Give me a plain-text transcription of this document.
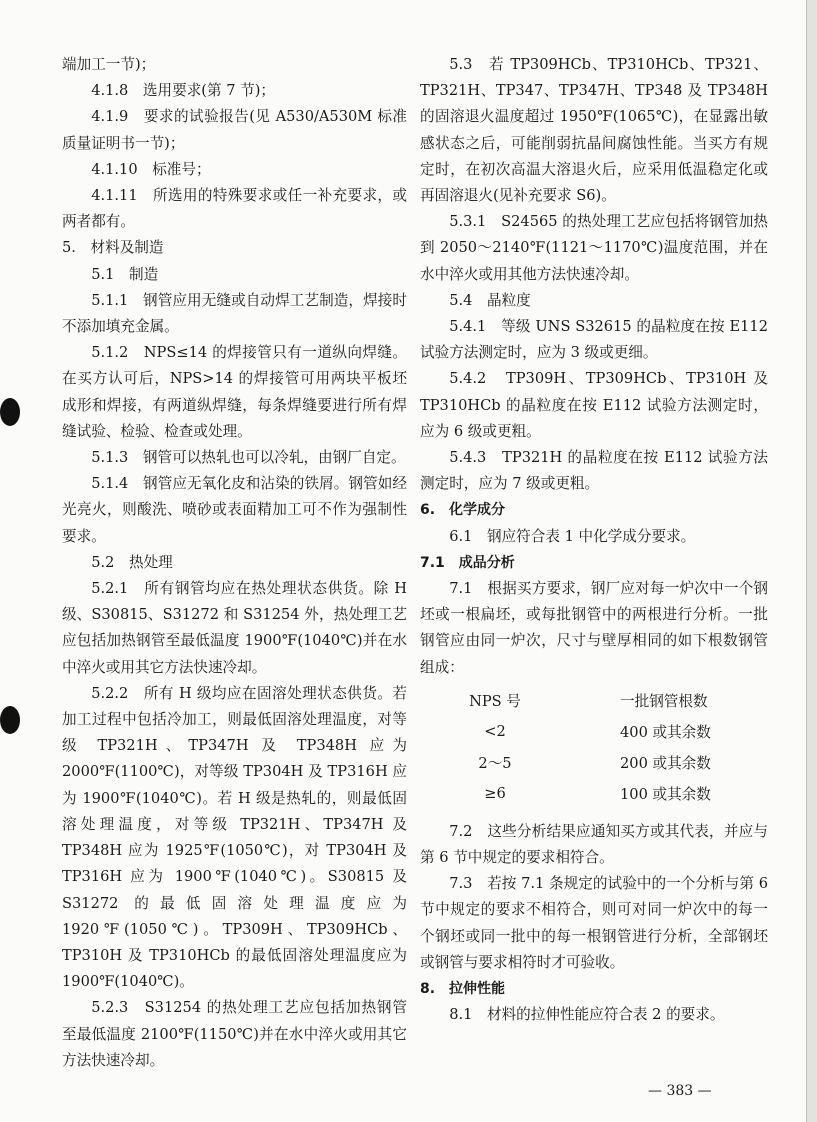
端加工一节)；

4.1.8　选用要求(第 7 节)；

4.1.9　要求的试验报告(见 A530/A530M 标准质量证明书一节)；

4.1.10　标准号；

4.1.11　所选用的特殊要求或任一补充要求，或两者都有。

5.　材料及制造

5.1　制造

5.1.1　钢管应用无缝或自动焊工艺制造，焊接时不添加填充金属。

5.1.2　NPS≤14 的焊接管只有一道纵向焊缝。在买方认可后，NPS>14 的焊接管可用两块平板坯成形和焊接，有两道纵焊缝，每条焊缝要进行所有焊缝试验、检验、检查或处理。

5.1.3　钢管可以热轧也可以冷轧，由钢厂自定。

5.1.4　钢管应无氧化皮和沾染的铁屑。钢管如经光亮火，则酸洗、喷砂或表面精加工可不作为强制性要求。

5.2　热处理

5.2.1　所有钢管均应在热处理状态供货。除 H 级、S30815、S31272 和 S31254 外，热处理工艺应包括加热钢管至最低温度 1900℉(1040℃)并在水中淬火或用其它方法快速冷却。

5.2.2　所有 H 级均应在固溶处理状态供货。若加工过程中包括冷加工，则最低固溶处理温度，对等级 TP321H、TP347H 及 TP348H 应为 2000℉(1100℃)，对等级 TP304H 及 TP316H 应为 1900℉(1040℃)。若 H 级是热轧的，则最低固溶处理温度，对等级 TP321H、TP347H 及 TP348H 应为 1925℉(1050℃)，对 TP304H 及 TP316H 应为 1900℉(1040℃)。S30815 及 S31272 的最低固溶处理温度应为 1920℉(1050℃)。TP309H、TP309HCb、TP310H 及 TP310HCb 的最低固溶处理温度应为 1900℉(1040℃)。

5.2.3　S31254 的热处理工艺应包括加热钢管至最低温度 2100℉(1150℃)并在水中淬火或用其它方法快速冷却。

5.3　若 TP309HCb、TP310HCb、TP321、TP321H、TP347、TP347H、TP348 及 TP348H 的固溶退火温度超过 1950℉(1065℃)，在显露出敏感状态之后，可能削弱抗晶间腐蚀性能。当买方有规定时，在初次高温大溶退火后，应采用低温稳定化或再固溶退火(见补充要求 S6)。

5.3.1　S24565 的热处理工艺应包括将钢管加热到 2050～2140℉(1121～1170℃)温度范围，并在水中淬火或用其他方法快速冷却。

5.4　晶粒度

5.4.1　等级 UNS S32615 的晶粒度在按 E112 试验方法测定时，应为 3 级或更细。

5.4.2　TP309H、TP309HCb、TP310H 及 TP310HCb 的晶粒度在按 E112 试验方法测定时，应为 6 级或更粗。

5.4.3　TP321H 的晶粒度在按 E112 试验方法测定时，应为 7 级或更粗。

6.　化学成分

6.1　钢应符合表 1 中化学成分要求。

7.1　成品分析

7.1　根据买方要求，钢厂应对每一炉次中一个钢坯或一根扁坯，或每批钢管中的两根进行分析。一批钢管应由同一炉次，尺寸与壁厚相同的如下根数钢管组成：

NPS 号	一批钢管根数
<2	400 或其余数
2～5	200 或其余数
≥6	100 或其余数

7.2　这些分析结果应通知买方或其代表，并应与第 6 节中规定的要求相符合。

7.3　若按 7.1 条规定的试验中的一个分析与第 6 节中规定的要求不相符合，则可对同一炉次中的每一个钢坯或同一批中的每一根钢管进行分析，全部钢坯或钢管与要求相符时才可验收。

8.　拉伸性能

8.1　材料的拉伸性能应符合表 2 的要求。

— 383 —
